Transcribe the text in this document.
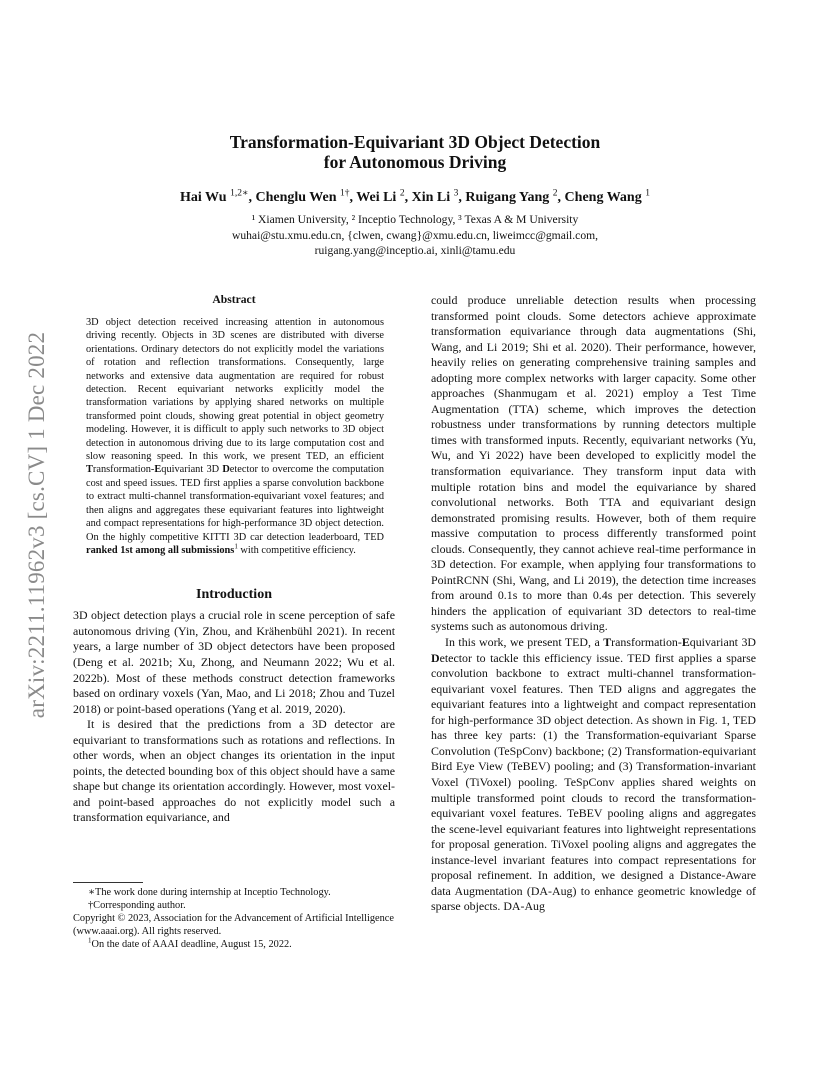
arXiv:2211.11962v3 [cs.CV] 1 Dec 2022
Transformation-Equivariant 3D Object Detection
for Autonomous Driving
Hai Wu $^{1,2∗}$, Chenglu Wen $^{1\dagger}$, Wei Li $^2$, Xin Li $^3$, Ruigang Yang $^2$, Cheng Wang $^1$
¹ Xiamen University, ² Inceptio Technology, ³ Texas A & M University
wuhai@stu.xmu.edu.cn, {clwen, cwang}@xmu.edu.cn, liweimcc@gmail.com,
ruigang.yang@inceptio.ai, xinli@tamu.edu
Abstract
3D object detection received increasing attention in autonomous driving recently. Objects in 3D scenes are distributed with diverse orientations. Ordinary detectors do not explicitly model the variations of rotation and reflection transformations. Consequently, large networks and extensive data augmentation are required for robust detection. Recent equivariant networks explicitly model the transformation variations by applying shared networks on multiple transformed point clouds, showing great potential in object geometry modeling. However, it is difficult to apply such networks to 3D object detection in autonomous driving due to its large computation cost and slow reasoning speed. In this work, we present TED, an efficient Transformation-Equivariant 3D Detector to overcome the computation cost and speed issues. TED first applies a sparse convolution backbone to extract multi-channel transformation-equivariant voxel features; and then aligns and aggregates these equivariant features into lightweight and compact representations for high-performance 3D object detection. On the highly competitive KITTI 3D car detection leaderboard, TED ranked 1st among all submissions$^1$ with competitive efficiency.
Introduction

3D object detection plays a crucial role in scene perception of safe autonomous driving (Yin, Zhou, and Krähenbühl 2021). In recent years, a large number of 3D object detectors have been proposed (Deng et al. 2021b; Xu, Zhong, and Neumann 2022; Wu et al. 2022b). Most of these methods construct detection frameworks based on ordinary voxels (Yan, Mao, and Li 2018; Zhou and Tuzel 2018) or point-based operations (Yang et al. 2019, 2020).

It is desired that the predictions from a 3D detector are equivariant to transformations such as rotations and reflections. In other words, when an object changes its orientation in the input points, the detected bounding box of this object should have a same shape but change its orientation accordingly. However, most voxel- and point-based approaches do not explicitly model such a transformation equivariance, and

could produce unreliable detection results when processing transformed point clouds. Some detectors achieve approximate transformation equivariance through data augmentations (Shi, Wang, and Li 2019; Shi et al. 2020). Their performance, however, heavily relies on generating comprehensive training samples and adopting more complex networks with larger capacity. Some other approaches (Shanmugam et al. 2021) employ a Test Time Augmentation (TTA) scheme, which improves the detection robustness under transformations by running detectors multiple times with transformed inputs. Recently, equivariant networks (Yu, Wu, and Yi 2022) have been developed to explicitly model the transformation equivariance. They transform input data with multiple rotation bins and model the equivariance by shared convolutional networks. Both TTA and equivariant design demonstrated promising results. However, both of them require massive computation to process differently transformed point clouds. Consequently, they cannot achieve real-time performance in 3D detection. For example, when applying four transformations to PointRCNN (Shi, Wang, and Li 2019), the detection time increases from around 0.1s to more than 0.4s per detection. This severely hinders the application of equivariant 3D detectors to real-time systems such as autonomous driving.

In this work, we present TED, a Transformation-Equivariant 3D Detector to tackle this efficiency issue. TED first applies a sparse convolution backbone to extract multi-channel transformation-equivariant voxel features. Then TED aligns and aggregates the equivariant features into a lightweight and compact representation for high-performance 3D object detection. As shown in Fig. 1, TED has three key parts: (1) the Transformation-equivariant Sparse Convolution (TeSpConv) backbone; (2) Transformation-equivariant Bird Eye View (TeBEV) pooling; and (3) Transformation-invariant Voxel (TiVoxel) pooling. TeSpConv applies shared weights on multiple transformed point clouds to record the transformation-equivariant voxel features. TeBEV pooling aligns and aggregates the scene-level equivariant features into lightweight representations for proposal generation. TiVoxel pooling aligns and aggregates the instance-level invariant features into compact representations for proposal refinement. In addition, we designed a Distance-Aware data Augmentation (DA-Aug) to enhance geometric knowledge of sparse objects. DA-Aug

∗The work done during internship at Inceptio Technology.
†Corresponding author.
Copyright © 2023, Association for the Advancement of Artificial Intelligence (www.aaai.org). All rights reserved.
$^1$On the date of AAAI deadline, August 15, 2022.
